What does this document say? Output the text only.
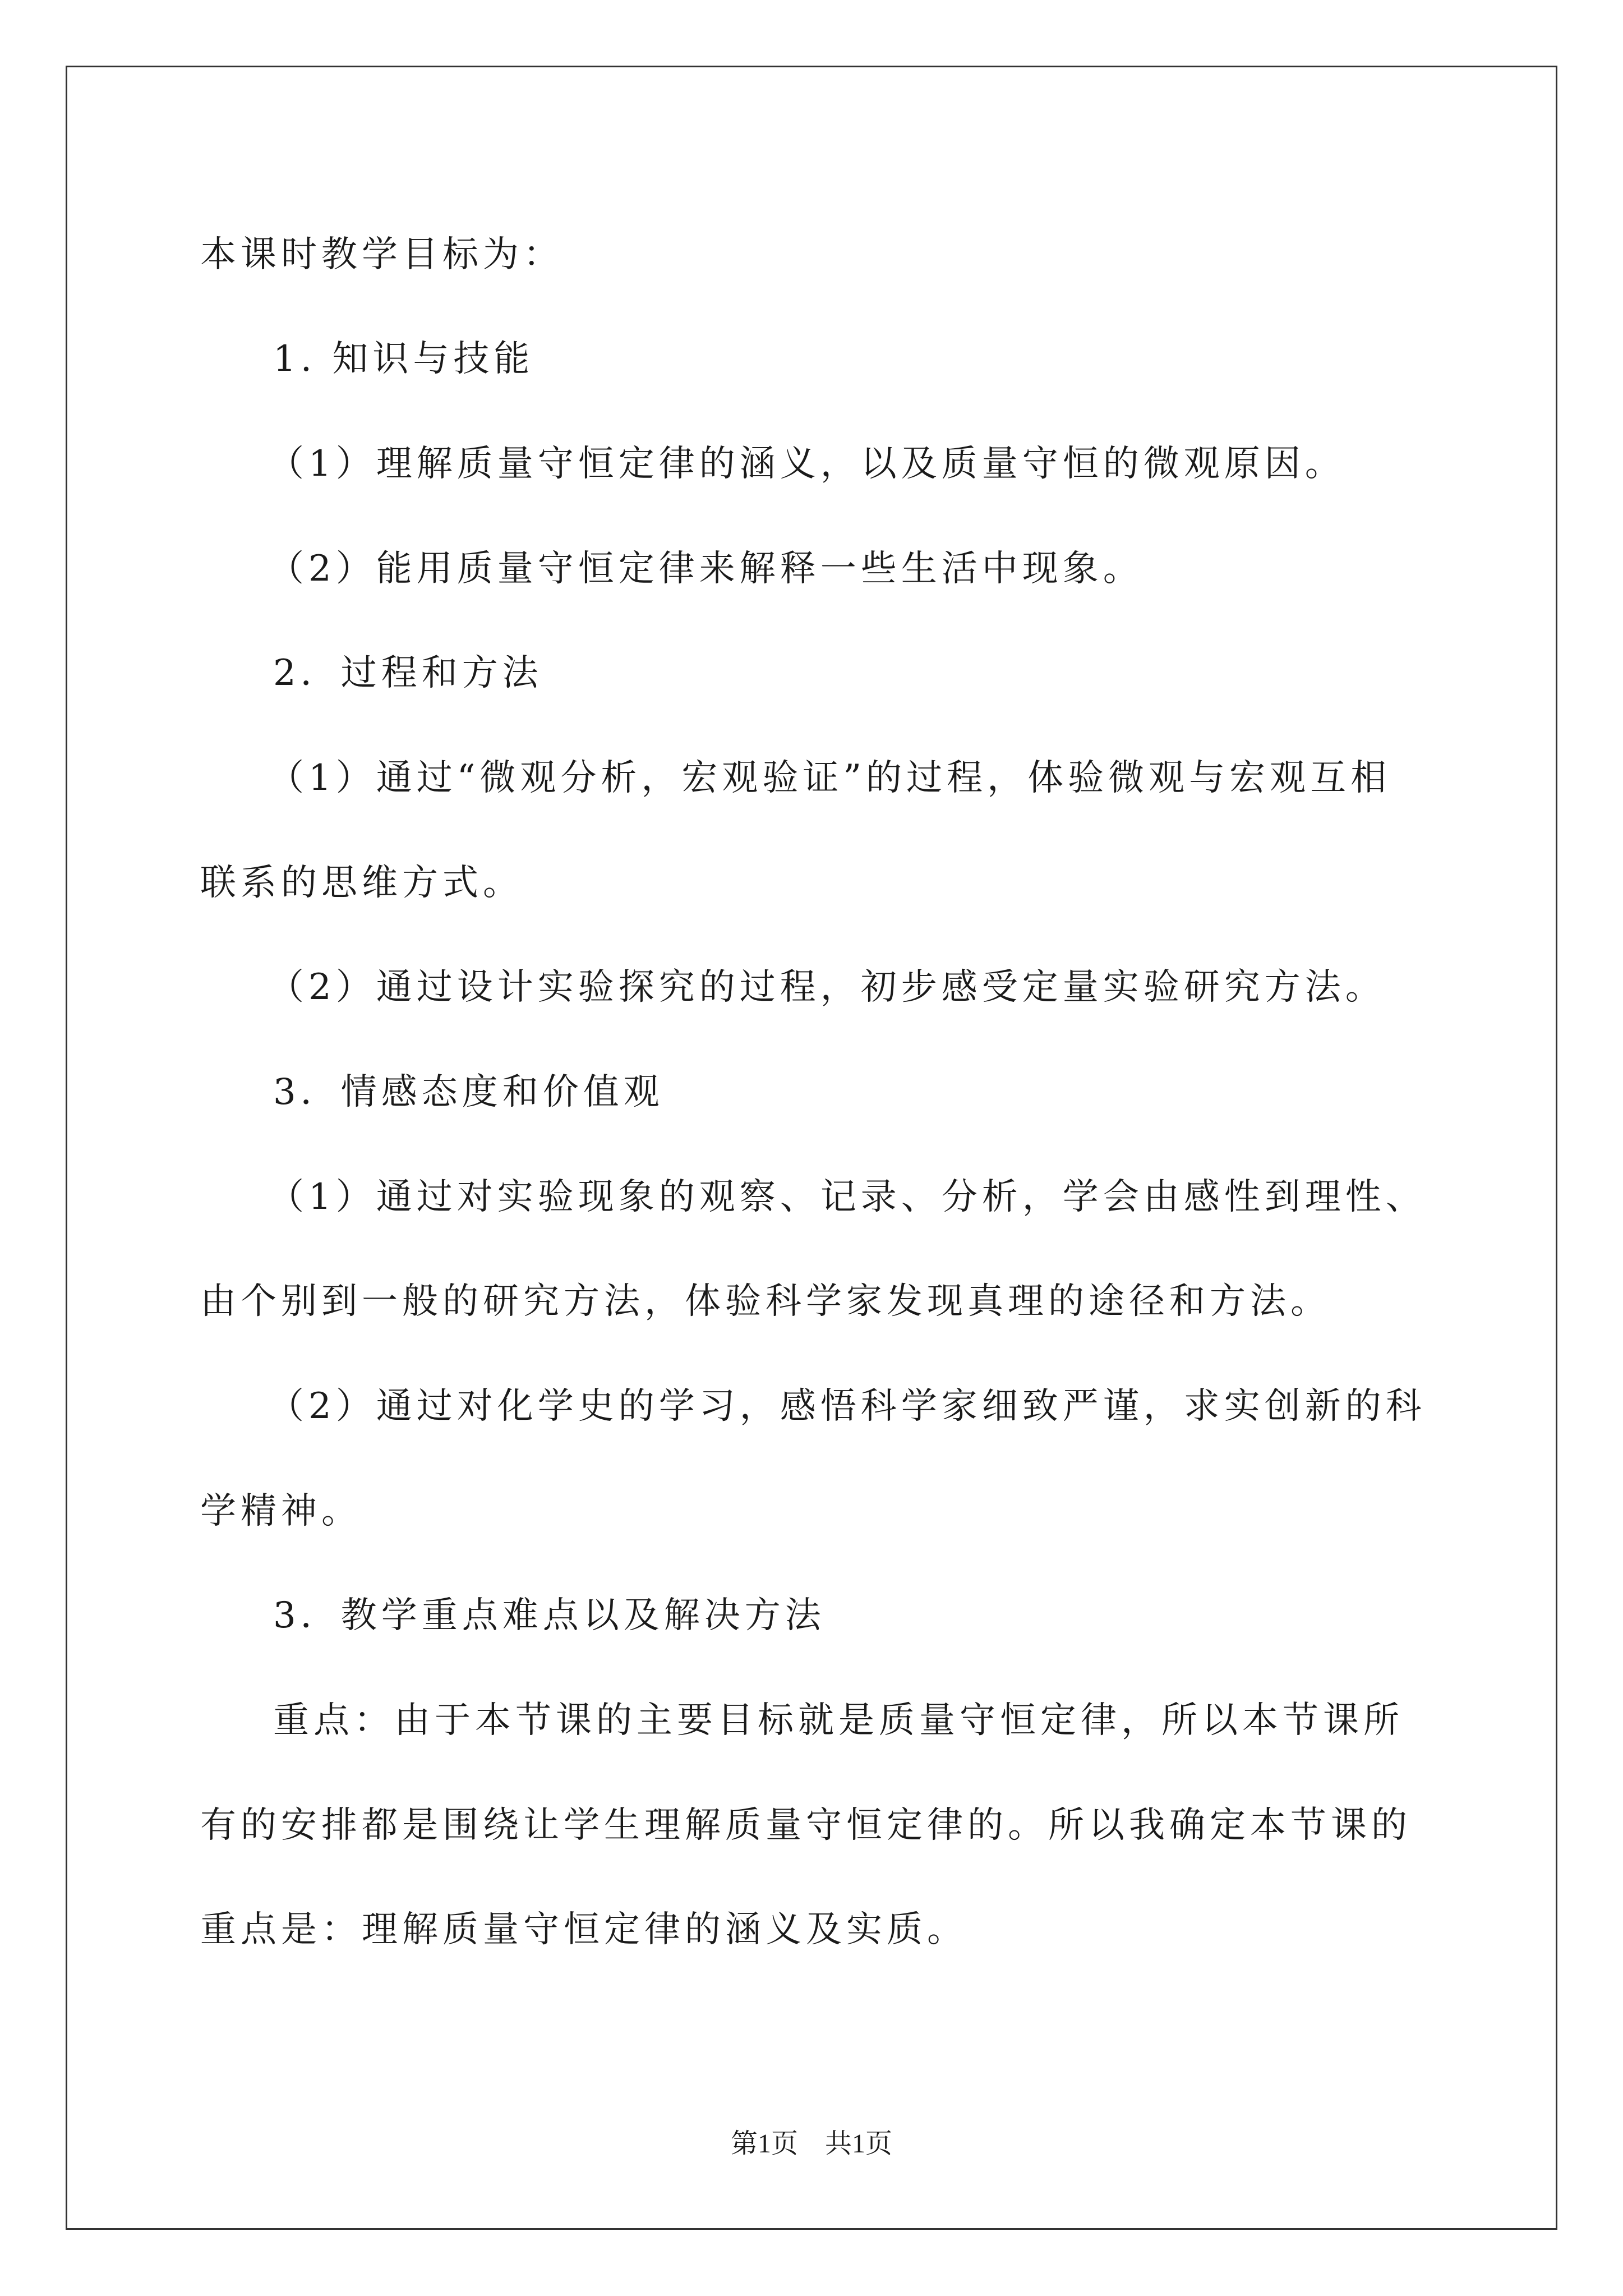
本课时教学目标为：
1. 知识与技能
（1）理解质量守恒定律的涵义，以及质量守恒的微观原因。
（2）能用质量守恒定律来解释一些生活中现象。
2．过程和方法
（1）通过“微观分析，宏观验证”的过程，体验微观与宏观互相
联系的思维方式。
（2）通过设计实验探究的过程，初步感受定量实验研究方法。
3．情感态度和价值观
（1）通过对实验现象的观察、记录、分析，学会由感性到理性、
由个别到一般的研究方法，体验科学家发现真理的途径和方法。
（2）通过对化学史的学习，感悟科学家细致严谨，求实创新的科
学精神。
3．教学重点难点以及解决方法
重点：由于本节课的主要目标就是质量守恒定律，所以本节课所
有的安排都是围绕让学生理解质量守恒定律的。所以我确定本节课的
重点是：理解质量守恒定律的涵义及实质。
第1页　共1页
